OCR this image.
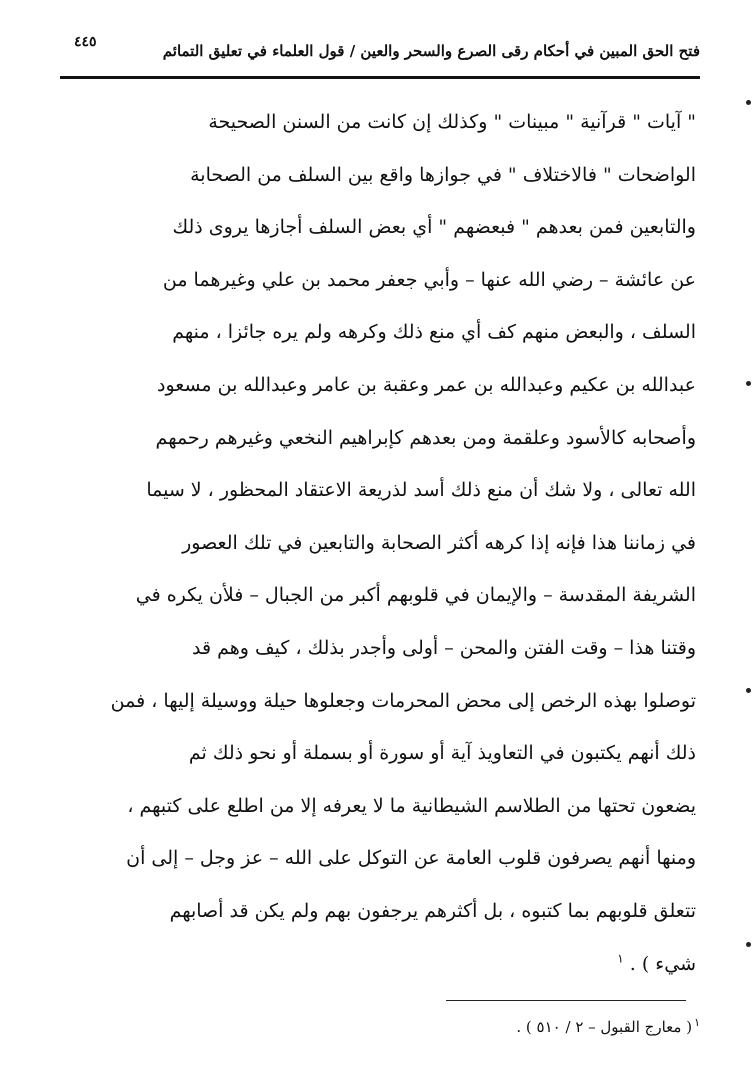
فتح الحق المبين في أحكام رقى الصرع والسحر والعين / قول العلماء في تعليق التمائم
٤٤٥
" آيات " قرآنية " مبينات " وكذلك إن كانت من السنن الصحيحة
الواضحات " فالاختلاف " في جوازها واقع بين السلف من الصحابة
والتابعين فمن بعدهم " فبعضهم " أي بعض السلف أجازها يروى ذلك
عن عائشة – رضي الله عنها – وأبي جعفر محمد بن علي وغيرهما من
السلف ، والبعض منهم كف أي منع ذلك وكرهه ولم يره جائزا ، منهم
عبدالله بن عكيم وعبدالله بن عمر وعقبة بن عامر وعبدالله بن مسعود
وأصحابه كالأسود وعلقمة ومن بعدهم كإبراهيم النخعي وغيرهم رحمهم
الله تعالى ، ولا شك أن منع ذلك أسد لذريعة الاعتقاد المحظور ، لا سيما
في زماننا هذا فإنه إذا كرهه أكثر الصحابة والتابعين في تلك العصور
الشريفة المقدسة – والإيمان في قلوبهم أكبر من الجبال – فلأن يكره في
وقتنا هذا – وقت الفتن والمحن – أولى وأجدر بذلك ، كيف وهم قد
توصلوا بهذه الرخص إلى محض المحرمات وجعلوها حيلة ووسيلة إليها ، فمن
ذلك أنهم يكتبون في التعاويذ آية أو سورة أو بسملة أو نحو ذلك ثم
يضعون تحتها من الطلاسم الشيطانية ما لا يعرفه إلا من اطلع على كتبهم ،
ومنها أنهم يصرفون قلوب العامة عن التوكل على الله – عز وجل – إلى أن
تتعلق قلوبهم بما كتبوه ، بل أكثرهم يرجفون بهم ولم يكن قد أصابهم
شيء ) . $^١$
$^١$( معارج القبول – ٢ / ٥١٠ ) .
